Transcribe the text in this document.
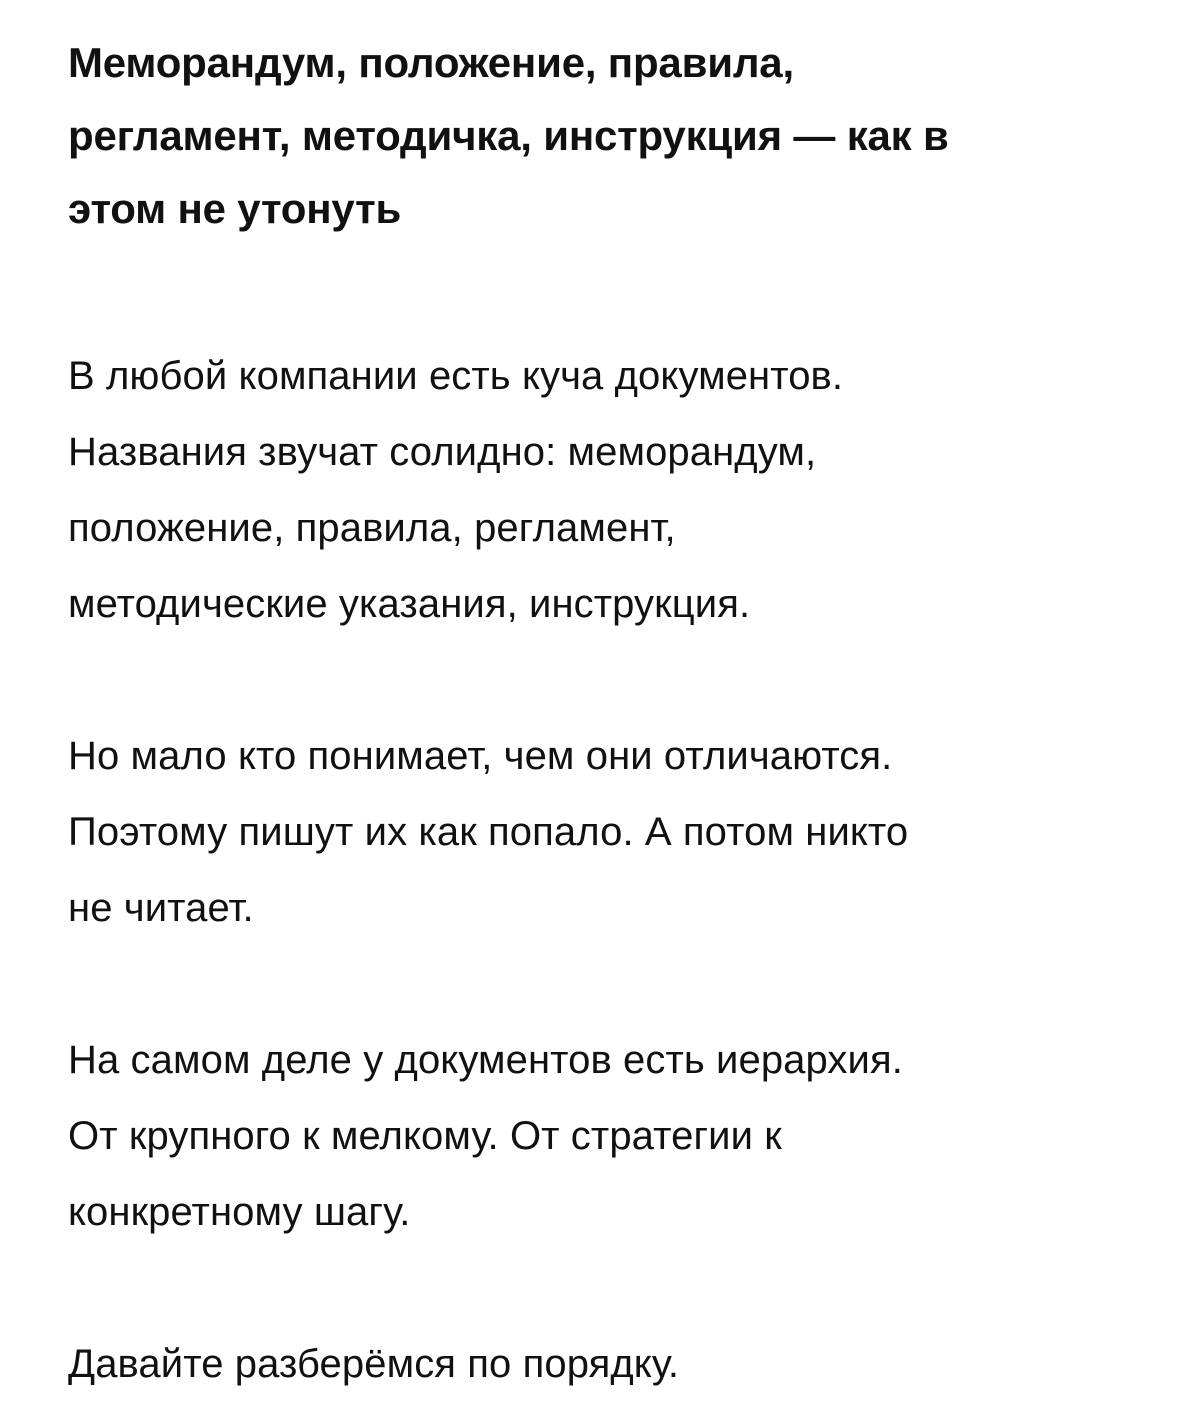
Меморандум, положение, правила,
регламент, методичка, инструкция — как в
этом не утонуть

В любой компании есть куча документов.
Названия звучат солидно: меморандум,
положение, правила, регламент,
методические указания, инструкция.

Но мало кто понимает, чем они отличаются.
Поэтому пишут их как попало. А потом никто
не читает.

На самом деле у документов есть иерархия.
От крупного к мелкому. От стратегии к
конкретному шагу.

Давайте разберёмся по порядку.
